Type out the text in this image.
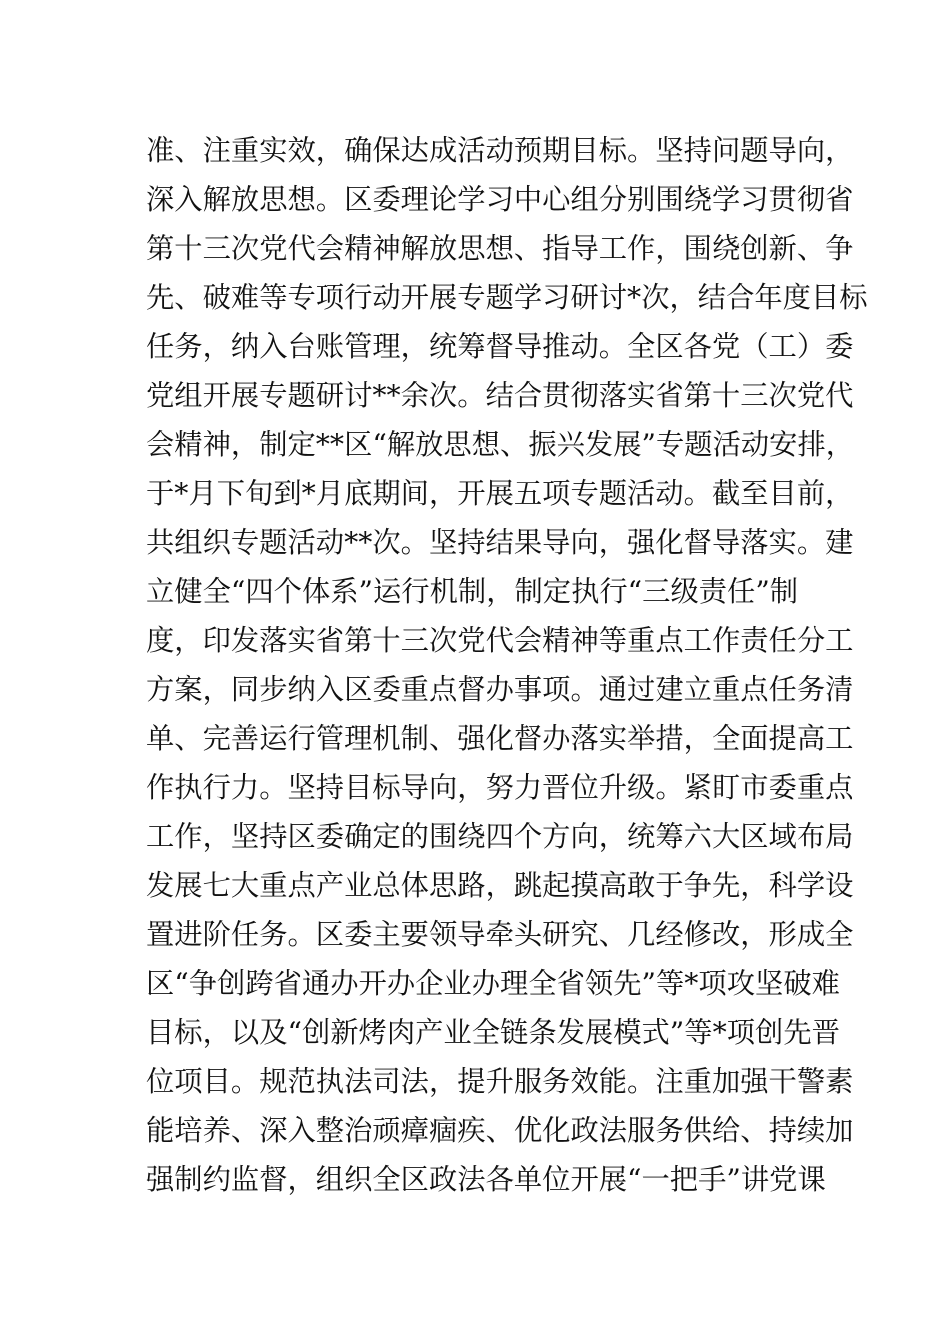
准、注重实效，确保达成活动预期目标。坚持问题导向，
深入解放思想。区委理论学习中心组分别围绕学习贯彻省
第十三次党代会精神解放思想、指导工作，围绕创新、争
先、破难等专项行动开展专题学习研讨*次，结合年度目标
任务，纳入台账管理，统筹督导推动。全区各党（工）委
党组开展专题研讨**余次。结合贯彻落实省第十三次党代
会精神，制定**区“解放思想、振兴发展”专题活动安排，
于*月下旬到*月底期间，开展五项专题活动。截至目前，
共组织专题活动**次。坚持结果导向，强化督导落实。建
立健全“四个体系”运行机制，制定执行“三级责任”制
度，印发落实省第十三次党代会精神等重点工作责任分工
方案，同步纳入区委重点督办事项。通过建立重点任务清
单、完善运行管理机制、强化督办落实举措，全面提高工
作执行力。坚持目标导向，努力晋位升级。紧盯市委重点
工作，坚持区委确定的围绕四个方向，统筹六大区域布局
发展七大重点产业总体思路，跳起摸高敢于争先，科学设
置进阶任务。区委主要领导牵头研究、几经修改，形成全
区“争创跨省通办开办企业办理全省领先”等*项攻坚破难
目标，以及“创新烤肉产业全链条发展模式”等*项创先晋
位项目。规范执法司法，提升服务效能。注重加强干警素
能培养、深入整治顽瘴痼疾、优化政法服务供给、持续加
强制约监督，组织全区政法各单位开展“一把手”讲党课
